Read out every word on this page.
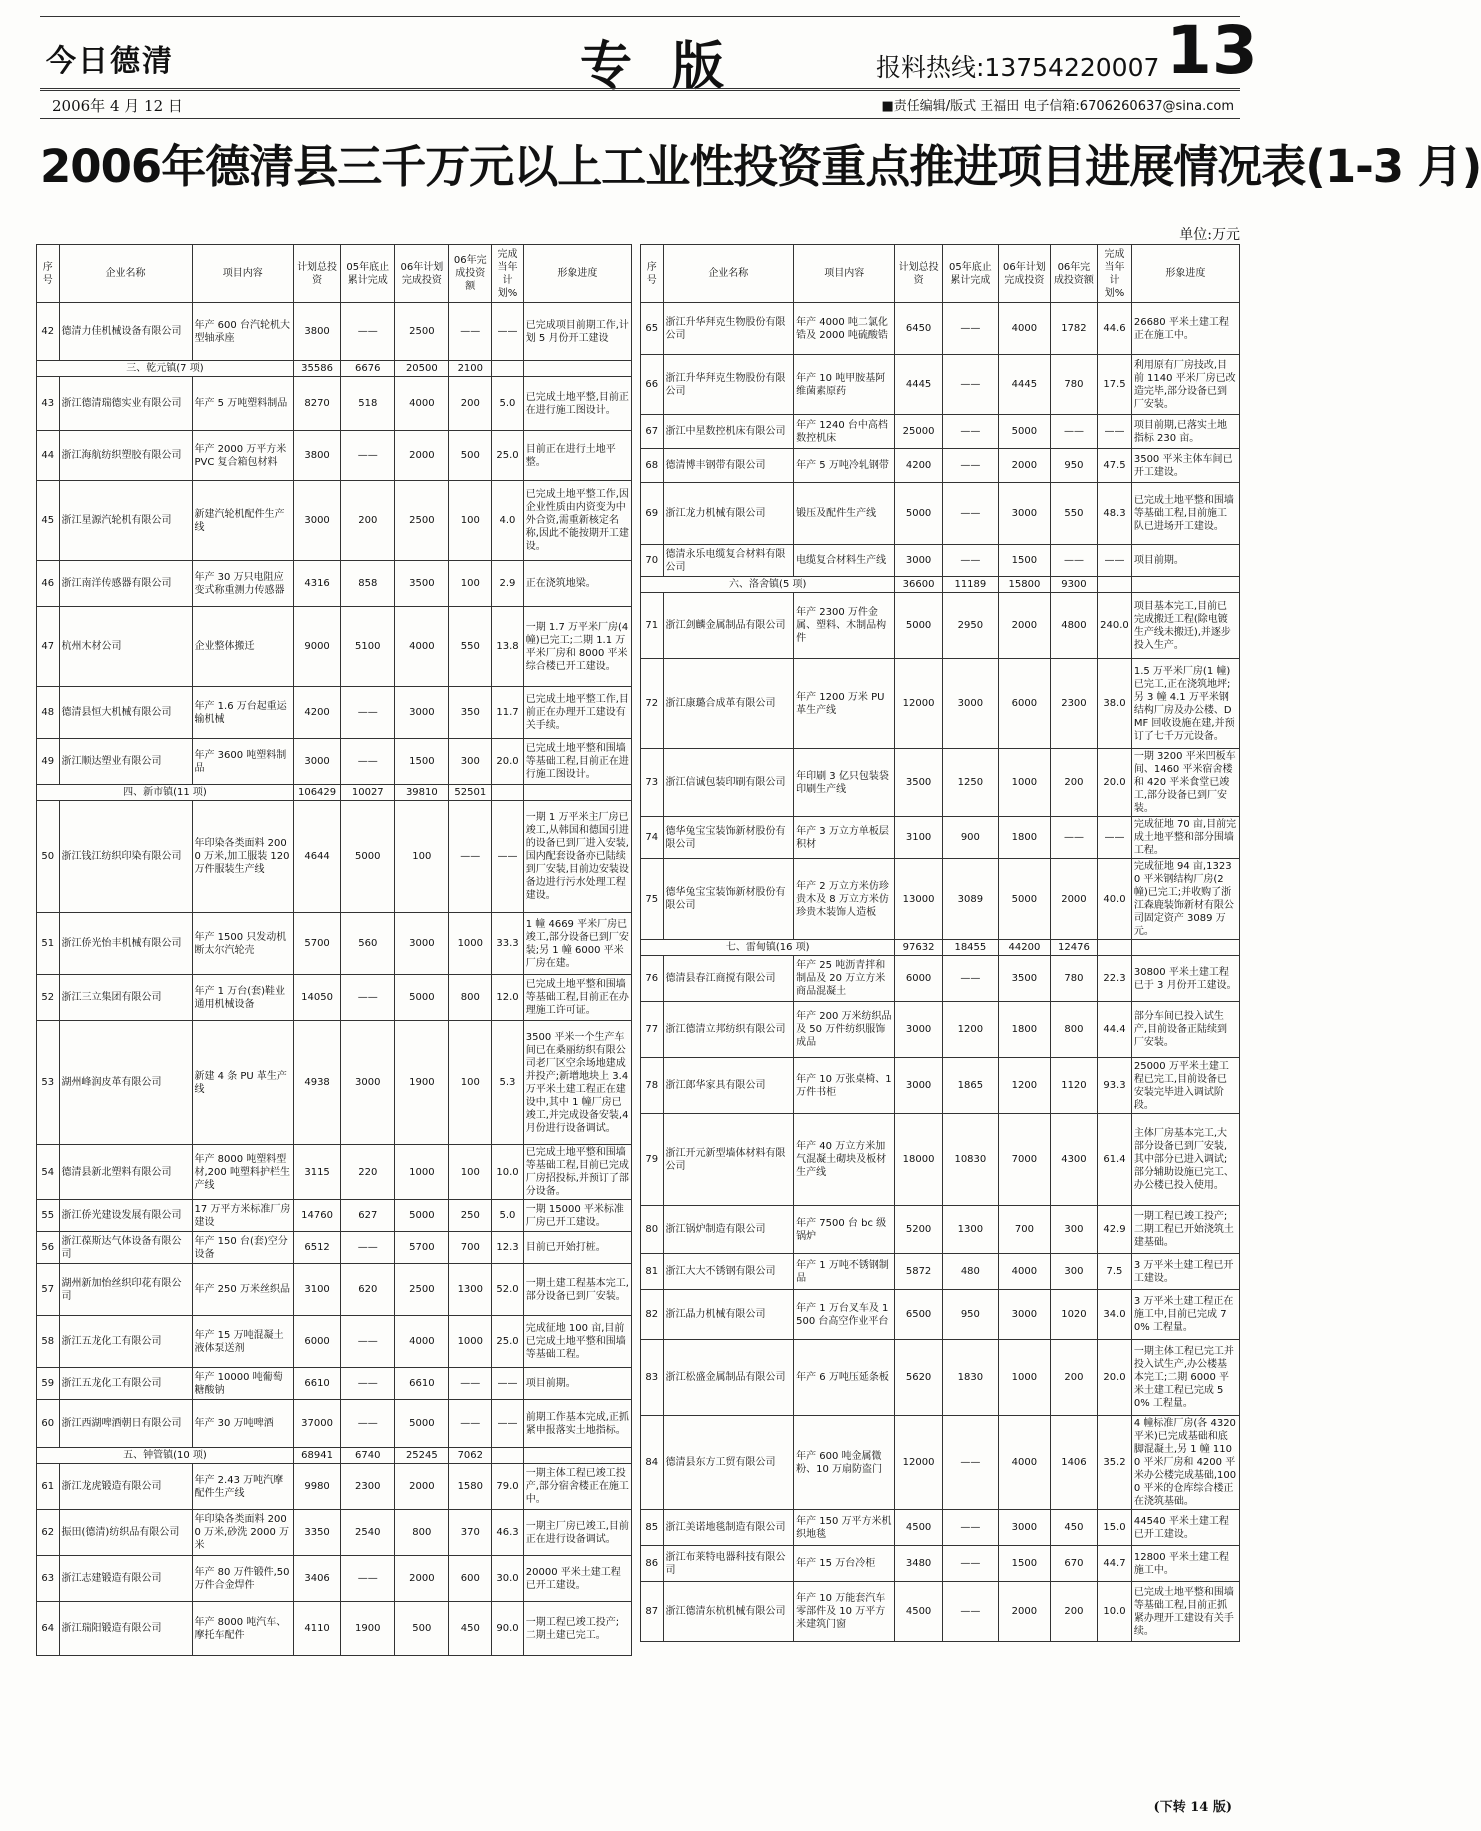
今日德清	专版	报料热线:13754220007 13
2006年 4 月 12 日	■责任编辑/版式 王福田 电子信箱:6706260637@sina.com
2006年德清县三千万元以上工业性投资重点推进项目进展情况表(1-3 月)
单位:万元
序号	企业名称	项目内容	计划总投资	05年底止累计完成	06年计划完成投资	06年完成投资额	完成当年计划%	形象进度
42	德清力佳机械设备有限公司	年产 600 台汽轮机大型轴承座	3800	——	2500	——	——	已完成项目前期工作,计划 5 月份开工建设
三、乾元镇(7 项)			35586	6676	20500	2100		
43	浙江德清瑞德实业有限公司	年产 5 万吨塑料制品	8270	518	4000	200	5.0	已完成土地平整,目前正在进行施工图设计。
44	浙江海航纺织塑胶有限公司	年产 2000 万平方米 PVC 复合箱包材料	3800	——	2000	500	25.0	目前正在进行土地平整。
45	浙江星源汽轮机有限公司	新建汽轮机配件生产线	3000	200	2500	100	4.0	已完成土地平整工作,因企业性质由内资变为中外合资,需重新核定名称,因此不能按期开工建设。
46	浙江南洋传感器有限公司	年产 30 万只电阻应变式称重测力传感器	4316	858	3500	100	2.9	正在浇筑地梁。
47	杭州木材公司	企业整体搬迁	9000	5100	4000	550	13.8	一期 1.7 万平米厂房(4 幢)已完工;二期 1.1 万平米厂房和 8000 平米综合楼已开工建设。
48	德清县恒大机械有限公司	年产 1.6 万台起重运输机械	4200	——	3000	350	11.7	已完成土地平整工作,目前正在办理开工建设有关手续。
49	浙江顺达塑业有限公司	年产 3600 吨塑料制品	3000	——	1500	300	20.0	已完成土地平整和围墙等基础工程,目前正在进行施工图设计。
四、新市镇(11 项)			106429	10027	39810	52501		
50	浙江钱江纺织印染有限公司	年印染各类面料 2000 万米,加工服装 120 万件服装生产线	4644	5000	100	——	——	一期 1 万平米主厂房已竣工,从韩国和德国引进的设备已到厂进入安装,国内配套设备亦已陆续到厂安装,目前边安装设备边进行污水处理工程建设。
51	浙江侨光怡丰机械有限公司	年产 1500 只发动机断太尔汽轮壳	5700	560	3000	1000	33.3	1 幢 4669 平米厂房已竣工,部分设备已到厂安装;另 1 幢 6000 平米厂房在建。
52	浙江三立集团有限公司	年产 1 万台(套)鞋业通用机械设备	14050	——	5000	800	12.0	已完成土地平整和围墙等基础工程,目前正在办理施工许可证。
53	湖州峰润皮革有限公司	新建 4 条 PU 革生产线	4938	3000	1900	100	5.3	3500 平米一个生产车间已在桑丽纺织有限公司老厂区空余场地建成并投产;新增地块上 3.4 万平米土建工程正在建设中,其中 1 幢厂房已竣工,并完成设备安装,4 月份进行设备调试。
54	德清县新北塑料有限公司	年产 8000 吨塑料型材,200 吨塑料护栏生产线	3115	220	1000	100	10.0	已完成土地平整和围墙等基础工程,目前已完成厂房招投标,并预订了部分设备。
55	浙江侨光建设发展有限公司	17 万平方米标准厂房建设	14760	627	5000	250	5.0	一期 15000 平米标准厂房已开工建设。
56	浙江葆斯达气体设备有限公司	年产 150 台(套)空分设备	6512	——	5700	700	12.3	目前已开始打桩。
57	湖州新加怡丝织印花有限公司	年产 250 万米丝织品	3100	620	2500	1300	52.0	一期土建工程基本完工,部分设备已到厂安装。
58	浙江五龙化工有限公司	年产 15 万吨混凝土液体泵送剂	6000	——	4000	1000	25.0	完成征地 100 亩,目前已完成土地平整和围墙等基础工程。
59	浙江五龙化工有限公司	年产 10000 吨葡萄糖酸钠	6610	——	6610	——	——	项目前期。
60	浙江西湖啤酒朝日有限公司	年产 30 万吨啤酒	37000	——	5000	——	——	前期工作基本完成,正抓紧申报落实土地指标。
五、钟管镇(10 项)			68941	6740	25245	7062		
61	浙江龙虎锻造有限公司	年产 2.43 万吨汽摩配件生产线	9980	2300	2000	1580	79.0	一期主体工程已竣工投产,部分宿舍楼正在施工中。
62	振田(德清)纺织品有限公司	年印染各类面料 2000 万米,砂洗 2000 万米	3350	2540	800	370	46.3	一期主厂房已竣工,目前正在进行设备调试。
63	浙江志建锻造有限公司	年产 80 万件锻件,50 万件合金焊件	3406	——	2000	600	30.0	20000 平米土建工程已开工建设。
64	浙江瑞阳锻造有限公司	年产 8000 吨汽车、摩托车配件	4110	1900	500	450	90.0	一期工程已竣工投产;二期土建已完工。
序号	企业名称	项目内容	计划总投资	05年底止累计完成	06年计划完成投资	06年完成投资额	完成当年计划%	形象进度
65	浙江升华拜克生物股份有限公司	年产 4000 吨二氯化锆及 2000 吨硫酸锆	6450	——	4000	1782	44.6	26680 平米土建工程正在施工中。
66	浙江升华拜克生物股份有限公司	年产 10 吨甲胺基阿维菌素原药	4445	——	4445	780	17.5	利用原有厂房技改,目前 1140 平米厂房已改造完毕,部分设备已到厂安装。
67	浙江中星数控机床有限公司	年产 1240 台中高档数控机床	25000	——	5000	——	——	项目前期,已落实土地指标 230 亩。
68	德清博丰钢带有限公司	年产 5 万吨冷轧钢带	4200	——	2000	950	47.5	3500 平米主体车间已开工建设。
69	浙江龙力机械有限公司	锻压及配件生产线	5000	——	3000	550	48.3	已完成土地平整和围墙等基础工程,目前施工队已进场开工建设。
70	德清永乐电缆复合材料有限公司	电缆复合材料生产线	3000	——	1500	——	——	项目前期。
六、洛舍镇(5 项)			36600	11189	15800	9300		
71	浙江剑麟金属制品有限公司	年产 2300 万件金属、塑料、木制品构件	5000	2950	2000	4800	240.0	项目基本完工,目前已完成搬迁工程(除电镀生产线未搬迁),并逐步投入生产。
72	浙江康璐合成革有限公司	年产 1200 万米 PU 革生产线	12000	3000	6000	2300	38.0	1.5 万平米厂房(1 幢)已完工,正在浇筑地坪;另 3 幢 4.1 万平米钢结构厂房及办公楼、DMF 回收设施在建,并预订了七千万元设备。
73	浙江信诚包装印刷有限公司	年印刷 3 亿只包装袋印刷生产线	3500	1250	1000	200	20.0	一期 3200 平米凹板车间、1460 平米宿舍楼和 420 平米食堂已竣工,部分设备已到厂安装。
74	德华兔宝宝装饰新材股份有限公司	年产 3 万立方单板层积材	3100	900	1800	——	——	完成征地 70 亩,目前完成土地平整和部分围墙工程。
75	德华兔宝宝装饰新材股份有限公司	年产 2 万立方米仿珍贵木及 8 万立方米仿珍贵木装饰人造板	13000	3089	5000	2000	40.0	完成征地 94 亩,13230 平米钢结构厂房(2 幢)已完工;并收购了浙江森鹿装饰新材有限公司固定资产 3089 万元。
七、雷甸镇(16 项)			97632	18455	44200	12476		
76	德清县春江商搅有限公司	年产 25 吨沥青拌和制品及 20 万立方米商品混凝土	6000	——	3500	780	22.3	30800 平米土建工程已于 3 月份开工建设。
77	浙江德清立邦纺织有限公司	年产 200 万米纺织品及 50 万件纺织服饰成品	3000	1200	1800	800	44.4	部分车间已投入试生产,目前设备正陆续到厂安装。
78	浙江郎华家具有限公司	年产 10 万张桌椅、1 万件书柜	3000	1865	1200	1120	93.3	25000 万平米土建工程已完工,目前设备已安装完毕进入调试阶段。
79	浙江开元新型墙体材料有限公司	年产 40 万立方米加气混凝土砌块及板材生产线	18000	10830	7000	4300	61.4	主体厂房基本完工,大部分设备已到厂安装,其中部分已进入调试;部分辅助设施已完工、办公楼已投入使用。
80	浙江锅炉制造有限公司	年产 7500 台 bc 级锅炉	5200	1300	700	300	42.9	一期工程已竣工投产;二期工程已开始浇筑土建基础。
81	浙江大大不锈钢有限公司	年产 1 万吨不锈钢制品	5872	480	4000	300	7.5	3 万平米土建工程已开工建设。
82	浙江晶力机械有限公司	年产 1 万台叉车及 1500 台高空作业平台	6500	950	3000	1020	34.0	3 万平米土建工程正在施工中,目前已完成 70% 工程量。
83	浙江松盛金属制品有限公司	年产 6 万吨压延条板	5620	1830	1000	200	20.0	一期主体工程已完工并投入试生产,办公楼基本完工;二期 6000 平米土建工程已完成 50% 工程量。
84	德清县东方工贸有限公司	年产 600 吨金属微粉、10 万扇防盗门	12000	——	4000	1406	35.2	4 幢标准厂房(各 4320 平米)已完成基础和底脚混凝土,另 1 幢 1100 平米厂房和 4200 平米办公楼完成基础,1000 平米的仓库综合楼正在浇筑基础。
85	浙江美诺地毯制造有限公司	年产 150 万平方米机织地毯	4500	——	3000	450	15.0	44540 平米土建工程已开工建设。
86	浙江布莱特电器科技有限公司	年产 15 万台冷柜	3480	——	1500	670	44.7	12800 平米土建工程施工中。
87	浙江德清东杭机械有限公司	年产 10 万能套汽车零部件及 10 万平方米建筑门窗	4500	——	2000	200	10.0	已完成土地平整和围墙等基础工程,目前正抓紧办理开工建设有关手续。
(下转 14 版)
